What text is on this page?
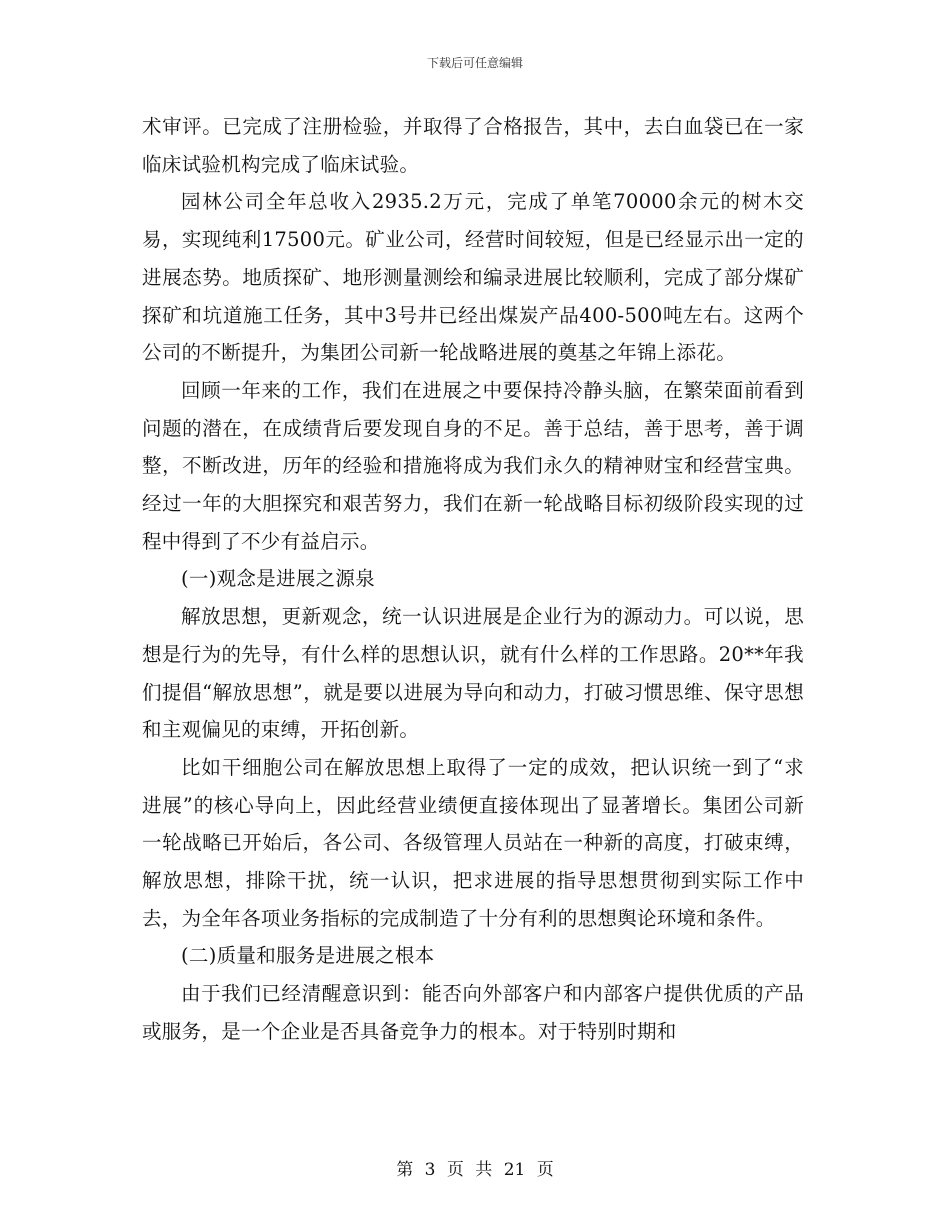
下载后可任意编辑

术审评。已完成了注册检验，并取得了合格报告，其中，去白血袋已在一家临床试验机构完成了临床试验。

园林公司全年总收入2935.2万元，完成了单笔70000余元的树木交易，实现纯利17500元。矿业公司，经营时间较短，但是已经显示出一定的进展态势。地质探矿、地形测量测绘和编录进展比较顺利，完成了部分煤矿探矿和坑道施工任务，其中3号井已经出煤炭产品400-500吨左右。这两个公司的不断提升，为集团公司新一轮战略进展的奠基之年锦上添花。

回顾一年来的工作，我们在进展之中要保持冷静头脑，在繁荣面前看到问题的潜在，在成绩背后要发现自身的不足。善于总结，善于思考，善于调整，不断改进，历年的经验和措施将成为我们永久的精神财宝和经营宝典。经过一年的大胆探究和艰苦努力，我们在新一轮战略目标初级阶段实现的过程中得到了不少有益启示。

(一)观念是进展之源泉

解放思想，更新观念，统一认识进展是企业行为的源动力。可以说，思想是行为的先导，有什么样的思想认识，就有什么样的工作思路。20**年我们提倡“解放思想”，就是要以进展为导向和动力，打破习惯思维、保守思想和主观偏见的束缚，开拓创新。

比如干细胞公司在解放思想上取得了一定的成效，把认识统一到了“求进展”的核心导向上，因此经营业绩便直接体现出了显著增长。集团公司新一轮战略已开始后，各公司、各级管理人员站在一种新的高度，打破束缚，解放思想，排除干扰，统一认识，把求进展的指导思想贯彻到实际工作中去，为全年各项业务指标的完成制造了十分有利的思想舆论环境和条件。

(二)质量和服务是进展之根本

由于我们已经清醒意识到：能否向外部客户和内部客户提供优质的产品或服务，是一个企业是否具备竞争力的根本。对于特别时期和

第 3 页 共 21 页
